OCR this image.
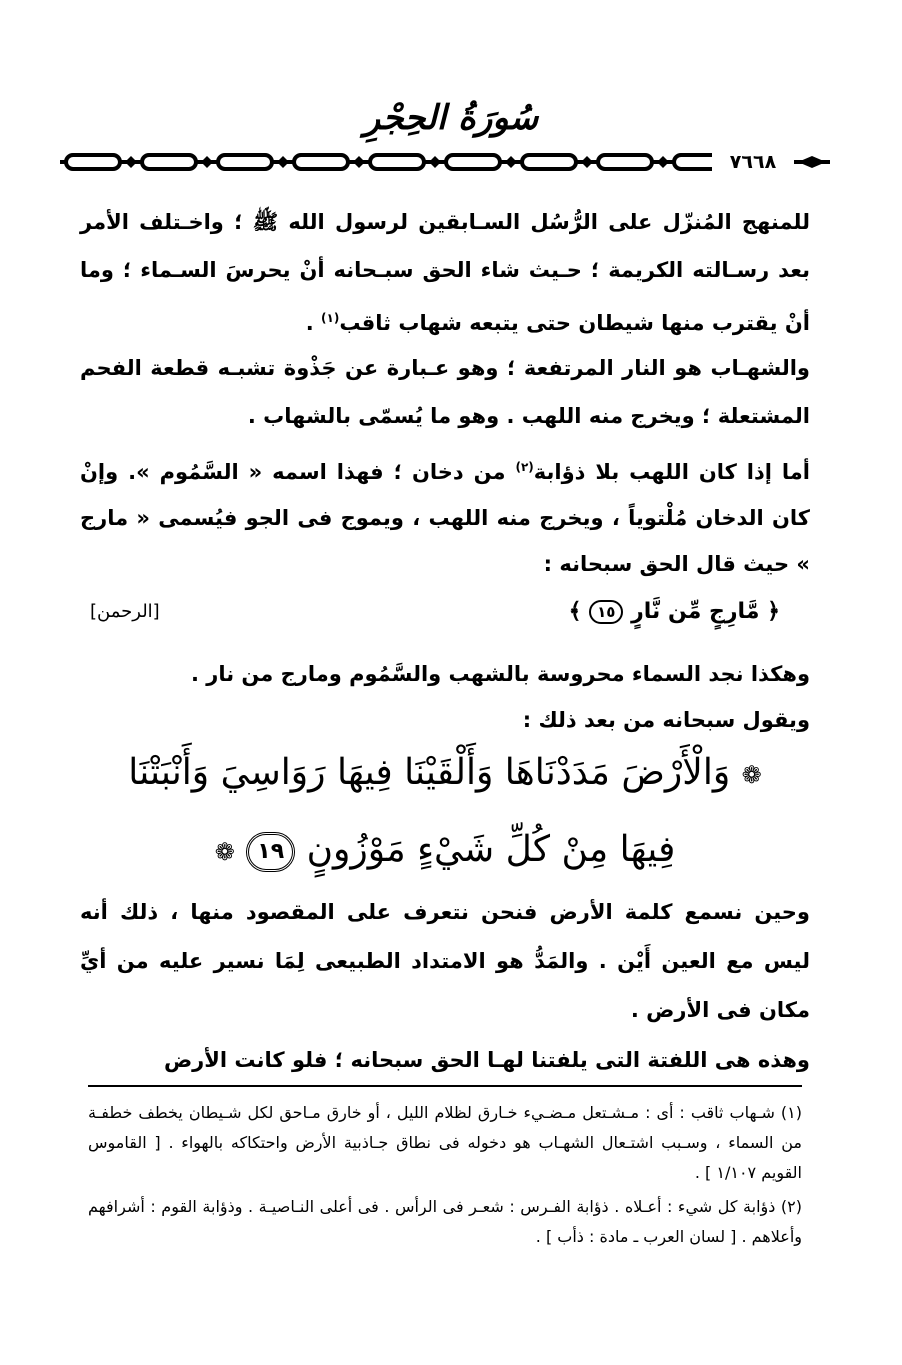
سُورَةُ الحِجْرِ
٧٦٦٨
للمنهج المُنزّل على الرُّسُل السـابقين لرسول الله ﷺ ؛ واخـتلف الأمر بعد رسـالته الكريمة ؛ حـيث شاء الحق سبـحانه أنْ يحرسَ السـماء ؛ وما أنْ يقترب منها شيطان حتى يتبعه شهاب ثاقب$^{(١)}$ .
والشهـاب هو النار المرتفعة ؛ وهو عـبارة عن جَذْوة تشبـه قطعة الفحم المشتعلة ؛ ويخرج منه اللهب . وهو ما يُسمّى بالشهاب .
أما إذا كان اللهب بلا ذؤابة$^{(٢)}$ من دخان ؛ فهذا اسمه « السَّمُوم ». وإنْ كان الدخان مُلْتوياً ، ويخرج منه اللهب ، ويموج فى الجو فيُسمى « مارج » حيث قال الحق سبحانه :
﴿ مَّارِجٍ مِّن نَّارٍ ١٥ ﴾
[الرحمن]
وهكذا نجد السماء محروسة بالشهب والسَّمُوم ومارج من نار .
ويقول سبحانه من بعد ذلك :
❁ وَالْأَرْضَ مَدَدْنَاهَا وَأَلْقَيْنَا فِيهَا رَوَاسِيَ وَأَنْبَتْنَا
فِيهَا مِنْ كُلِّ شَيْءٍ مَوْزُونٍ ١٩ ❁
وحين نسمع كلمة الأرض فنحن نتعرف على المقصود منها ، ذلك أنه ليس مع العين أَيْن . والمَدُّ هو الامتداد الطبيعى لِمَا نسير عليه من أيِّ مكان فى الأرض .
وهذه هى اللفتة التى يلفتنا لهـا الحق سبحانه ؛ فلو كانت الأرض

(١) شـهاب ثاقب : أى : مـشـتعل مـضـيء خـارق لظلام الليل ، أو خارق مـاحق لكل شـيطان يخطف خطفـة من السماء ، وسـبب اشتـعال الشهـاب هو دخوله فى نطاق جـاذبية الأرض واحتكاكه بالهواء . [ القاموس القويم ١/١٠٧ ] .

(٢) ذؤابة كل شيء : أعـلاه . ذؤابة الفـرس : شعـر فى الرأس . فى أعلى النـاصيـة . وذؤابة القوم : أشرافهم وأعلاهم . [ لسان العرب ـ مادة : ذأب ] .
